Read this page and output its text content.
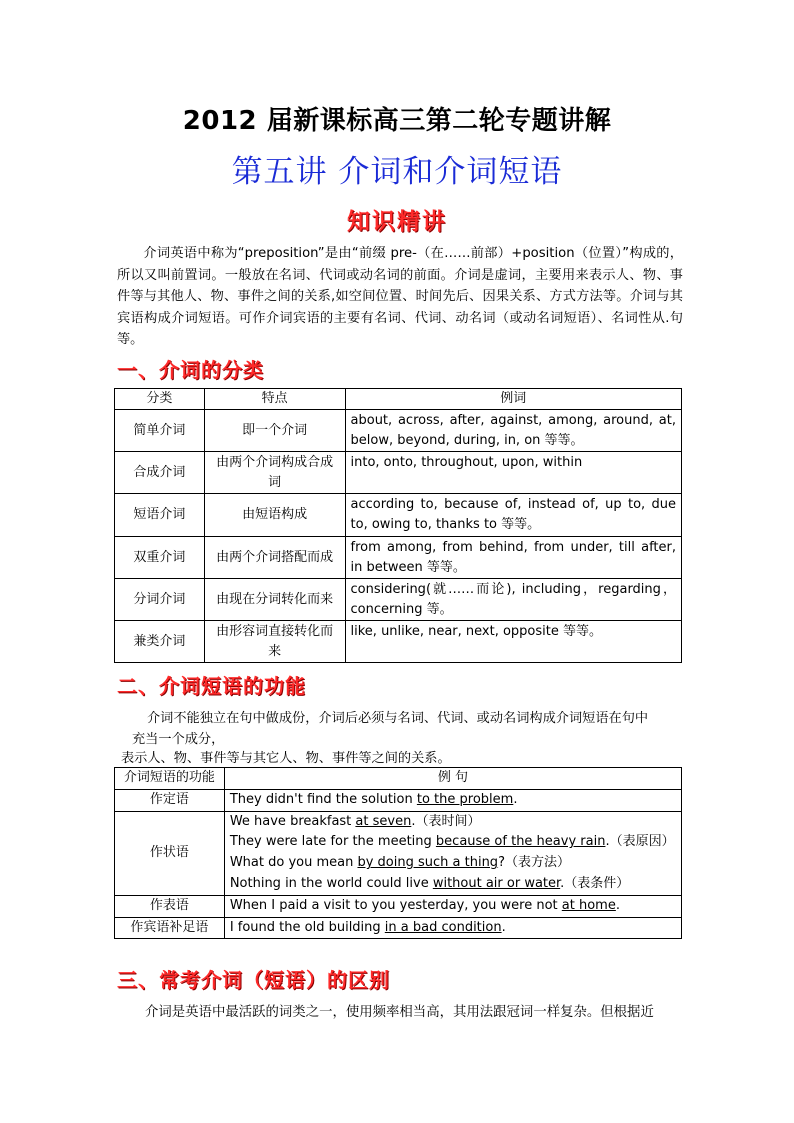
2012 届新课标高三第二轮专题讲解
第五讲 介词和介词短语
知识精讲

介词英语中称为“preposition”是由“前缀 pre-（在……前部）+position（位置）”构成的，所以又叫前置词。一般放在名词、代词或动名词的前面。介词是虚词，主要用来表示人、物、事件等与其他人、物、事件之间的关系,如空间位置、时间先后、因果关系、方式方法等。介词与其宾语构成介词短语。可作介词宾语的主要有名词、代词、动名词（或动名词短语）、名词性从.句等。

一、介词的分类
分类	特点	例词
简单介词	即一个介词	about, across, after, against, among, around, at, below, beyond, during, in, on 等等。
合成介词	由两个介词构成合成词	into, onto, throughout, upon, within
短语介词	由短语构成	according to, because of, instead of, up to, due to, owing to, thanks to 等等。
双重介词	由两个介词搭配而成	from among, from behind, from under, till after, in between 等等。
分词介词	由现在分词转化而来	considering(就……而论), including，regarding，concerning 等。
兼类介词	由形容词直接转化而来	like, unlike, near, next, opposite 等等。
二、介词短语的功能
介词不能独立在句中做成份，介词后必须与名词、代词、或动名词构成介词短语在句中
充当一个成分，
表示人、物、事件等与其它人、物、事件等之间的关系。
介词短语的功能	例 句
作定语	They didn't find the solution to the problem.

作状语	We have breakfast at seven.（表时间）
They were late for the meeting because of the heavy rain.（表原因）
What do you mean by doing such a thing?（表方法）
Nothing in the world could live without air or water.（表条件）

作表语	When I paid a visit to you yesterday, you were not at home.

作宾语补足语	I found the old building in a bad condition.
三、常考介词（短语）的区别
介词是英语中最活跃的词类之一，使用频率相当高，其用法跟冠词一样复杂。但根据近
